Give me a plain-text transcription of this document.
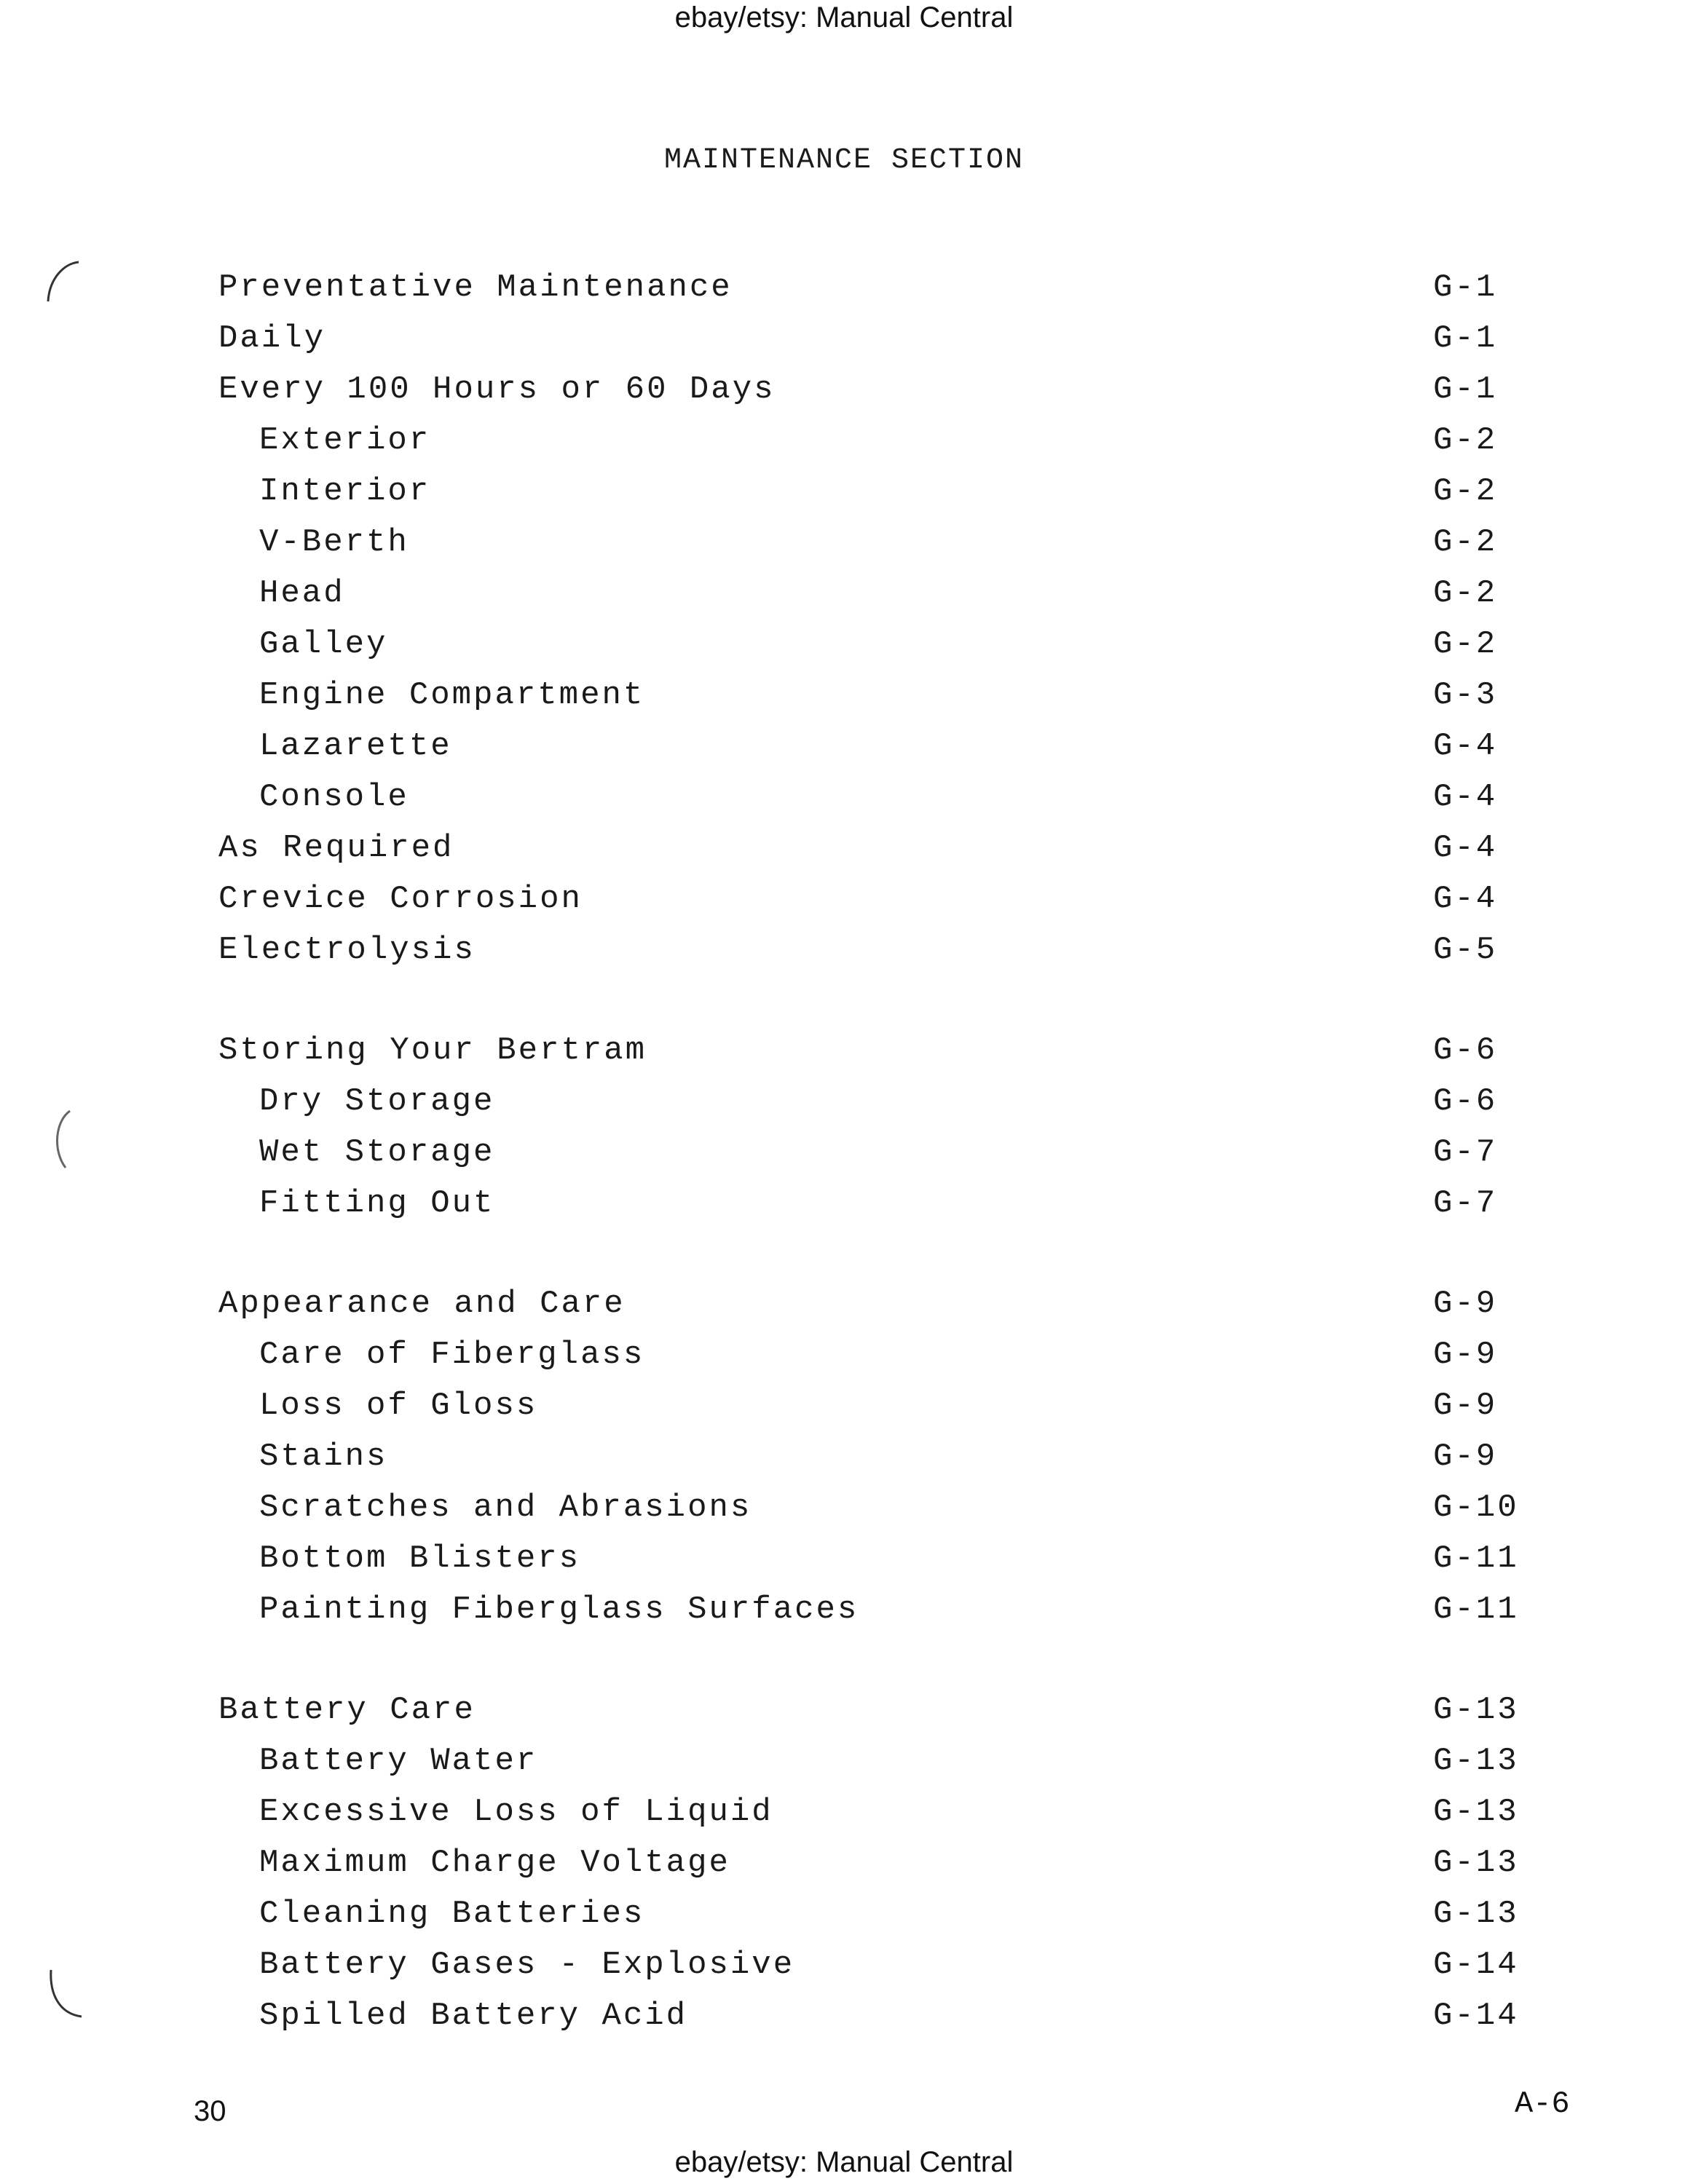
ebay/etsy: Manual Central
MAINTENANCE SECTION
Preventative Maintenance	G-1
Daily	G-1
Every 100 Hours or 60 Days	G-1
Exterior	G-2
Interior	G-2
V-Berth	G-2
Head	G-2
Galley	G-2
Engine Compartment	G-3
Lazarette	G-4
Console	G-4
As Required	G-4
Crevice Corrosion	G-4
Electrolysis	G-5
Storing Your Bertram	G-6
Dry Storage	G-6
Wet Storage	G-7
Fitting Out	G-7
Appearance and Care	G-9
Care of Fiberglass	G-9
Loss of Gloss	G-9
Stains	G-9
Scratches and Abrasions	G-10
Bottom Blisters	G-11
Painting Fiberglass Surfaces	G-11
Battery Care	G-13
Battery Water	G-13
Excessive Loss of Liquid	G-13
Maximum Charge Voltage	G-13
Cleaning Batteries	G-13
Battery Gases - Explosive	G-14
Spilled Battery Acid	G-14
30	A-6
ebay/etsy: Manual Central
